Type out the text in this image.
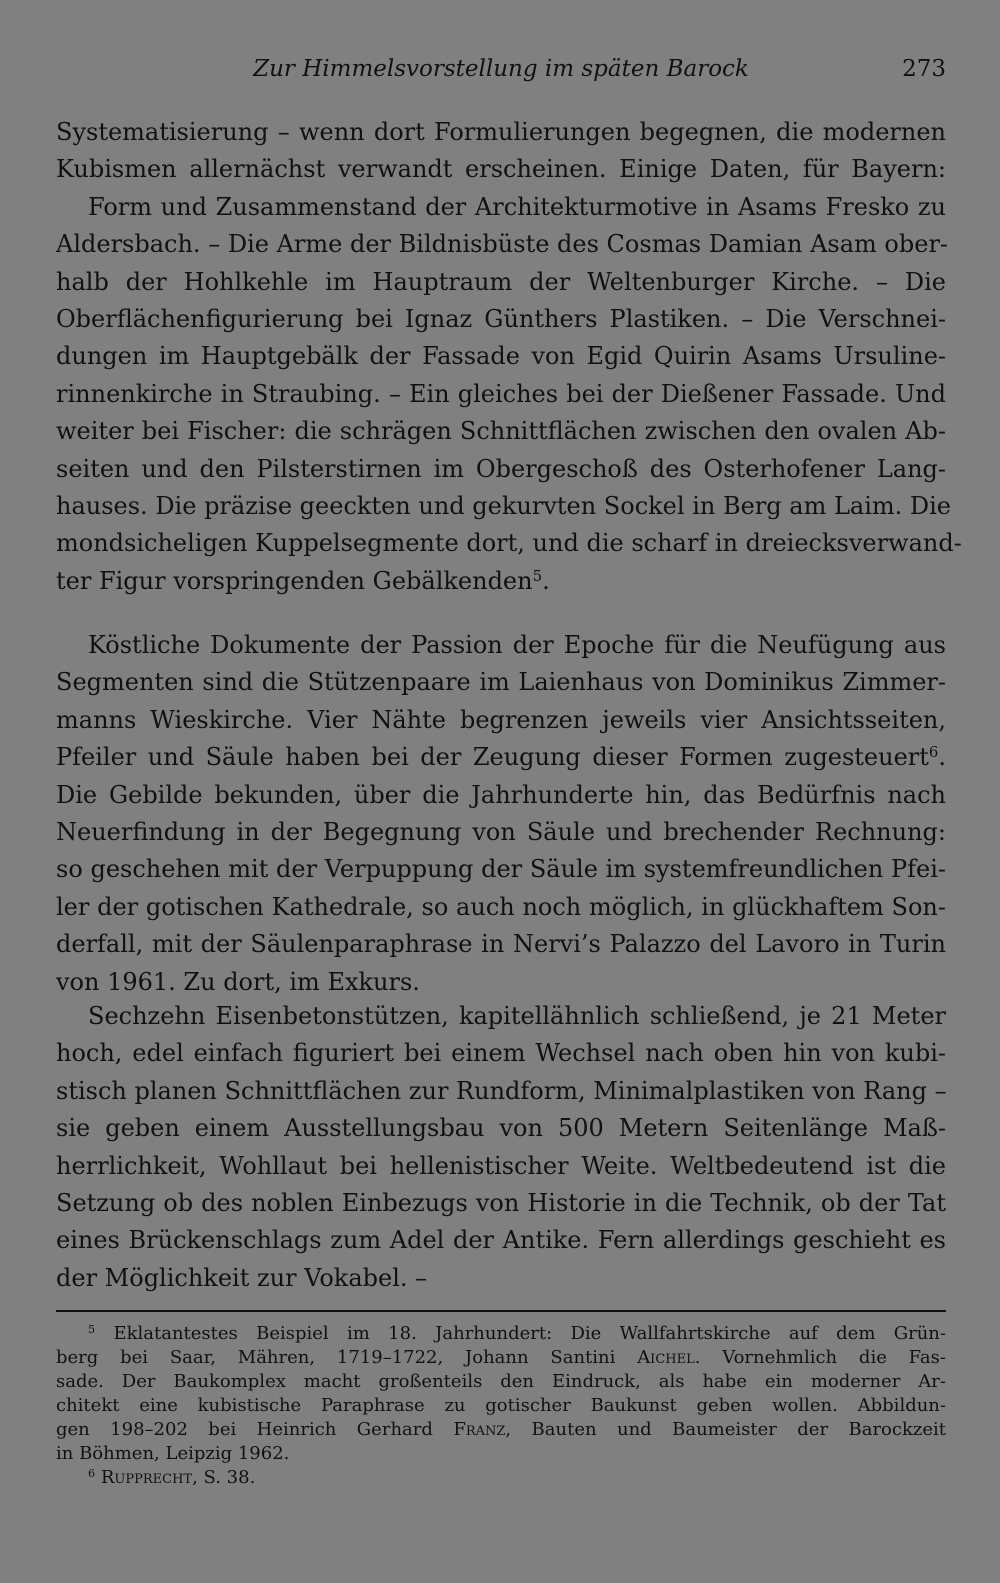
Zur Himmelsvorstellung im späten Barock	273
Systematisierung – wenn dort Formulierungen begegnen, die modernen
Kubismen allernächst verwandt erscheinen. Einige Daten, für Bayern:
Form und Zusammenstand der Architekturmotive in Asams Fresko zu
Aldersbach. – Die Arme der Bildnisbüste des Cosmas Damian Asam ober-
halb der Hohlkehle im Hauptraum der Weltenburger Kirche. – Die
Oberflächenfigurierung bei Ignaz Günthers Plastiken. – Die Verschnei-
dungen im Hauptgebälk der Fassade von Egid Quirin Asams Ursuline-
rinnenkirche in Straubing. – Ein gleiches bei der Dießener Fassade. Und
weiter bei Fischer: die schrägen Schnittflächen zwischen den ovalen Ab-
seiten und den Pilsterstirnen im Obergeschoß des Osterhofener Lang-
hauses. Die präzise geeckten und gekurvten Sockel in Berg am Laim. Die
mondsicheligen Kuppelsegmente dort, und die scharf in dreiecksverwand-
ter Figur vorspringenden Gebälkenden$^5$.
Köstliche Dokumente der Passion der Epoche für die Neufügung aus
Segmenten sind die Stützenpaare im Laienhaus von Dominikus Zimmer-
manns Wieskirche. Vier Nähte begrenzen jeweils vier Ansichtsseiten,
Pfeiler und Säule haben bei der Zeugung dieser Formen zugesteuert$^6$.
Die Gebilde bekunden, über die Jahrhunderte hin, das Bedürfnis nach
Neuerfindung in der Begegnung von Säule und brechender Rechnung:
so geschehen mit der Verpuppung der Säule im systemfreundlichen Pfei-
ler der gotischen Kathedrale, so auch noch möglich, in glückhaftem Son-
derfall, mit der Säulenparaphrase in Nervi’s Palazzo del Lavoro in Turin
von 1961. Zu dort, im Exkurs.
Sechzehn Eisenbetonstützen, kapitellähnlich schließend, je 21 Meter
hoch, edel einfach figuriert bei einem Wechsel nach oben hin von kubi-
stisch planen Schnittflächen zur Rundform, Minimalplastiken von Rang –
sie geben einem Ausstellungsbau von 500 Metern Seitenlänge Maß-
herrlichkeit, Wohllaut bei hellenistischer Weite. Weltbedeutend ist die
Setzung ob des noblen Einbezugs von Historie in die Technik, ob der Tat
eines Brückenschlags zum Adel der Antike. Fern allerdings geschieht es
der Möglichkeit zur Vokabel. –
$^5$ Eklatantestes Beispiel im 18. Jahrhundert: Die Wallfahrtskirche auf dem Grün-
berg bei Saar, Mähren, 1719–1722, Johann Santini Aichel. Vornehmlich die Fas-
sade. Der Baukomplex macht großenteils den Eindruck, als habe ein moderner Ar-
chitekt eine kubistische Paraphrase zu gotischer Baukunst geben wollen. Abbildun-
gen 198–202 bei Heinrich Gerhard Franz, Bauten und Baumeister der Barockzeit
in Böhmen, Leipzig 1962.
$^6$ Rupprecht, S. 38.
